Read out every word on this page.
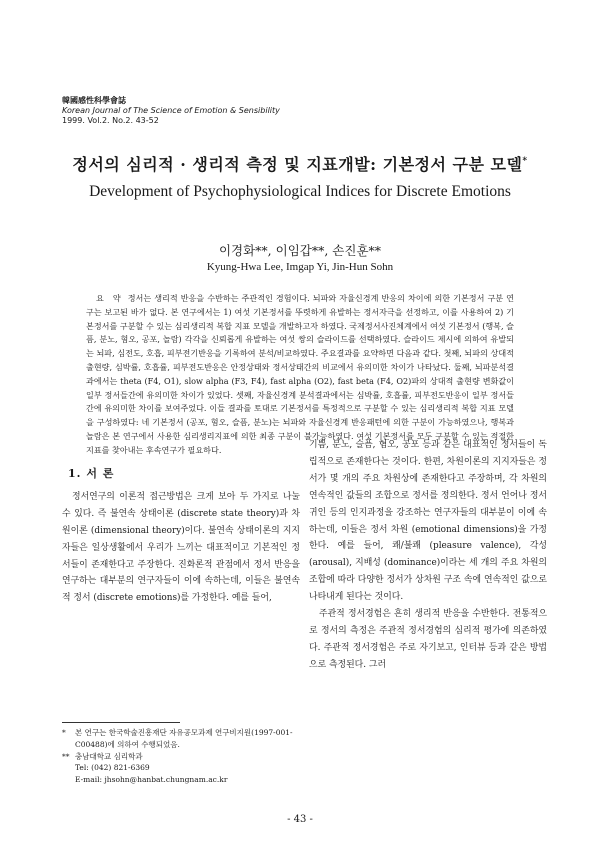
韓國感性科學會誌
Korean Journal of The Science of Emotion & Sensibility
1999. Vol.2. No.2. 43-52
정서의 심리적 · 생리적 측정 및 지표개발: 기본정서 구분 모델*
Development of Psychophysiological Indices for Discrete Emotions
이경화**, 이임갑**, 손진훈**
Kyung-Hwa Lee, Imgap Yi, Jin-Hun Sohn
요 약 정서는 생리적 반응을 수반하는 주관적인 경험이다. 뇌파와 자율신경계 반응의 차이에 의한 기본정서 구분 연구는 보고된 바가 없다. 본 연구에서는 1) 여섯 기본정서를 뚜렷하게 유발하는 정서자극을 선정하고, 이를 사용하여 2) 기본정서를 구분할 수 있는 심리생리적 복합 지표 모델을 개발하고자 하였다. 국제정서사진체계에서 여섯 기본정서 (행복, 슬픔, 분노, 혐오, 공포, 놀람) 각각을 신뢰롭게 유발하는 여섯 쌍의 슬라이드를 선택하였다. 슬라이드 제시에 의하여 유발되는 뇌파, 심전도, 호흡, 피부전기반응을 기록하여 분석/비교하였다. 주요결과를 요약하면 다음과 같다. 첫째, 뇌파의 상대적 출현량, 심박률, 호흡률, 피부전도반응은 안정상태와 정서상태간의 비교에서 유의미한 차이가 나타났다. 둘째, 뇌파분석결과에서는 theta (F4, O1), slow alpha (F3, F4), fast alpha (O2), fast beta (F4, O2)파의 상대적 출현량 변화값이 일부 정서들간에 유의미한 차이가 있었다. 셋째, 자율신경계 분석결과에서는 심박률, 호흡률, 피부전도반응이 일부 정서들간에 유의미한 차이를 보여주었다. 이들 결과를 토대로 기본정서를 특정적으로 구분할 수 있는 심리생리적 복합 지표 모델을 구성하였다: 네 기본정서 (공포, 혐오, 슬픔, 분노)는 뇌파와 자율신경계 반응패턴에 의한 구분이 가능하였으나, 행복과 놀람은 본 연구에서 사용한 심리생리지표에 의한 최종 구분이 불가능하였다. 여섯 기본정서를 모두 구분할 수 있는 적절한 지표를 찾아내는 후속연구가 필요하다.
1. 서 론

정서연구의 이론적 접근방법은 크게 보아 두 가지로 나눌 수 있다. 즉 불연속 상태이론 (discrete state theory)과 차원이론 (dimensional theory)이다. 불연속 상태이론의 지지자들은 일상생활에서 우리가 느끼는 대표적이고 기본적인 정서들이 존재한다고 주장한다. 진화론적 관점에서 정서 반응을 연구하는 대부분의 연구자들이 이에 속하는데, 이들은 불연속적 정서 (discrete emotions)를 가정한다. 예를 들어,

기쁨, 분노, 슬픔, 혐오, 공포 등과 같은 대표적인 정서들이 독립적으로 존재한다는 것이다. 한편, 차원이론의 지지자들은 정서가 몇 개의 주요 차원상에 존재한다고 주장하며, 각 차원의 연속적인 값들의 조합으로 정서를 정의한다. 정서 언어나 정서 귀인 등의 인지과정을 강조하는 연구자들의 대부분이 이에 속하는데, 이들은 정서 차원 (emotional dimensions)을 가정한다. 예를 들어, 쾌/불쾌 (pleasure valence), 각성 (arousal), 지배성 (dominance)이라는 세 개의 주요 차원의 조합에 따라 다양한 정서가 상차원 구조 속에 연속적인 값으로 나타내게 된다는 것이다.

주관적 정서경험은 흔히 생리적 반응을 수반한다. 전통적으로 정서의 측정은 주관적 정서경험의 심리적 평가에 의존하였다. 주관적 정서경험은 주로 자기보고, 인터뷰 등과 같은 방법으로 측정된다. 그러

* 본 연구는 한국학술진흥재단 자유공모과제 연구비지원(1997-001-C00488)에 의하여 수행되었음.
** 충남대학교 심리학과
Tel: (042) 821-6369
E-mail: jhsohn@hanbat.chungnam.ac.kr
- 43 -
